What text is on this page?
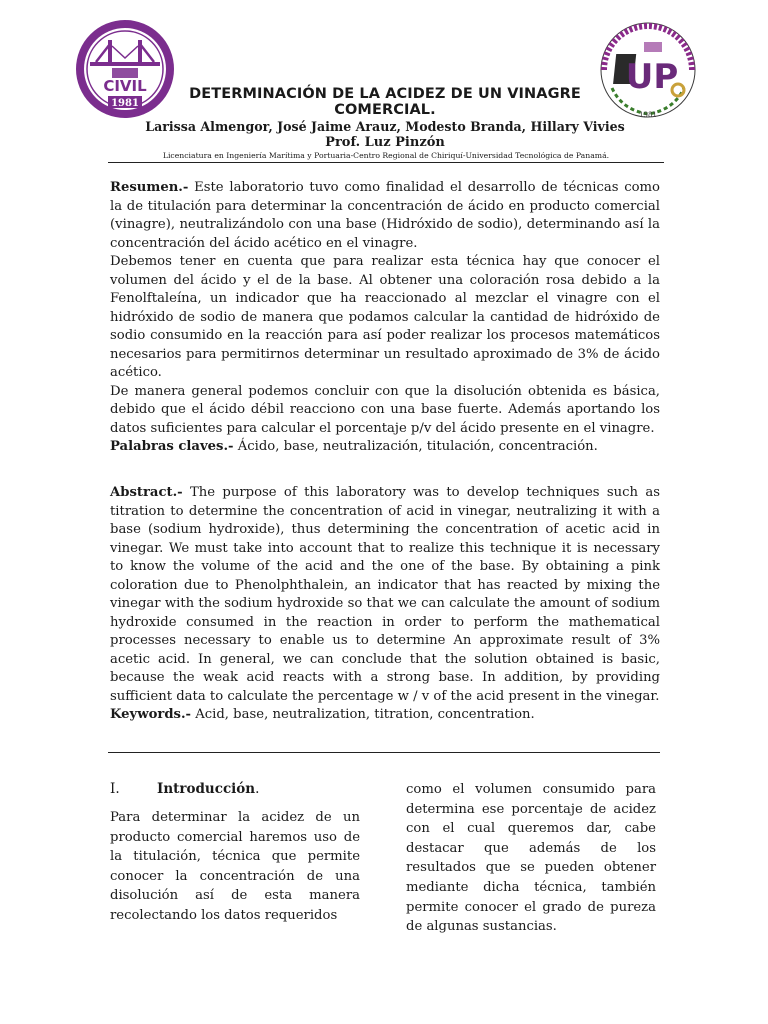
CIVIL
1981
UP
1981
DETERMINACIÓN DE LA ACIDEZ DE UN VINAGRE
COMERCIAL.
Larissa Almengor, José Jaime Arauz, Modesto Branda, Hillary Vivies
Prof. Luz Pinzón
Licenciatura en Ingeniería Marítima y Portuaria-Centro Regional de Chiriquí-Universidad Tecnológica de Panamá.

Resumen.- Este laboratorio tuvo como finalidad el desarrollo de técnicas como la de titulación para determinar la concentración de ácido en producto comercial (vinagre), neutralizándolo con una base (Hidróxido de sodio), determinando así la concentración del ácido acético en el vinagre.

Debemos tener en cuenta que para realizar esta técnica hay que conocer el volumen del ácido y el de la base. Al obtener una coloración rosa debido a la Fenolftaleína, un indicador que ha reaccionado al mezclar el vinagre con el hidróxido de sodio de manera que podamos calcular la cantidad de hidróxido de sodio consumido en la reacción para así poder realizar los procesos matemáticos necesarios para permitirnos determinar un resultado aproximado de 3% de ácido acético.

De manera general podemos concluir con que la disolución obtenida es básica, debido que el ácido débil reacciono con una base fuerte. Además aportando los datos suficientes para calcular el porcentaje p/v del ácido presente en el vinagre.

Palabras claves.- Ácido, base, neutralización, titulación, concentración.

Abstract.- The purpose of this laboratory was to develop techniques such as titration to determine the concentration of acid in vinegar, neutralizing it with a base (sodium hydroxide), thus determining the concentration of acetic acid in vinegar. We must take into account that to realize this technique it is necessary to know the volume of the acid and the one of the base. By obtaining a pink coloration due to Phenolphthalein, an indicator that has reacted by mixing the vinegar with the sodium hydroxide so that we can calculate the amount of sodium hydroxide consumed in the reaction in order to perform the mathematical processes necessary to enable us to determine An approximate result of 3% acetic acid. In general, we can conclude that the solution obtained is basic, because the weak acid reacts with a strong base. In addition, by providing sufficient data to calculate the percentage w / v of the acid present in the vinegar.

Keywords.- Acid, base, neutralization, titration, concentration.

I.	Introducción.

Para determinar la acidez de un producto comercial haremos uso de la titulación, técnica que permite conocer la concentración de una disolución así de esta manera recolectando los datos requeridos

como el volumen consumido para determina ese porcentaje de acidez con el cual queremos dar, cabe destacar que además de los resultados que se pueden obtener mediante dicha técnica, también permite conocer el grado de pureza de algunas sustancias.
